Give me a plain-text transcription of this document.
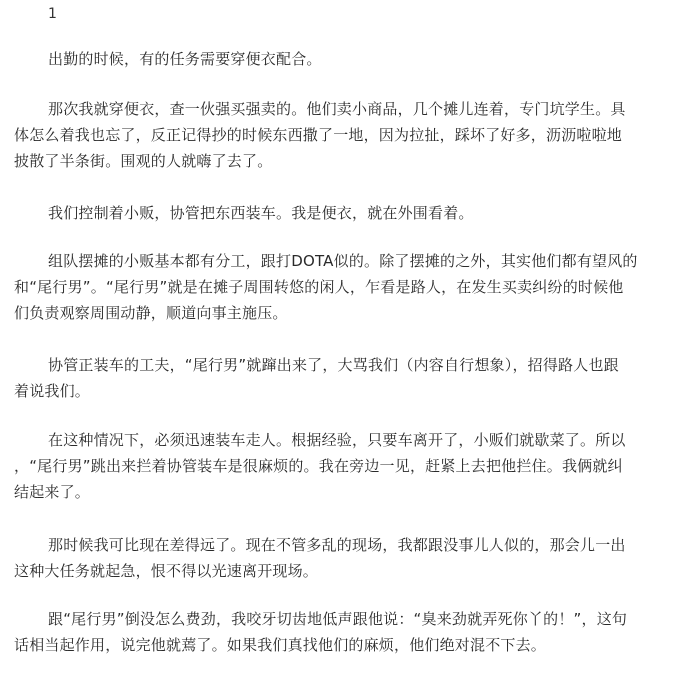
1

出勤的时候，有的任务需要穿便衣配合。

那次我就穿便衣，查一伙强买强卖的。他们卖小商品，几个摊儿连着，专门坑学生。具
体怎么着我也忘了，反正记得抄的时候东西撒了一地，因为拉扯，踩坏了好多，沥沥啦啦地
披散了半条街。围观的人就嗨了去了。

我们控制着小贩，协管把东西装车。我是便衣，就在外围看着。

组队摆摊的小贩基本都有分工，跟打DOTA似的。除了摆摊的之外，其实他们都有望风的
和“尾行男”。“尾行男”就是在摊子周围转悠的闲人，乍看是路人，在发生买卖纠纷的时候他
们负责观察周围动静，顺道向事主施压。

协管正装车的工夫，“尾行男”就蹿出来了，大骂我们（内容自行想象），招得路人也跟
着说我们。

在这种情况下，必须迅速装车走人。根据经验，只要车离开了，小贩们就歇菜了。所以
，“尾行男”跳出来拦着协管装车是很麻烦的。我在旁边一见，赶紧上去把他拦住。我俩就纠
结起来了。

那时候我可比现在差得远了。现在不管多乱的现场，我都跟没事儿人似的，那会儿一出
这种大任务就起急，恨不得以光速离开现场。

跟“尾行男”倒没怎么费劲，我咬牙切齿地低声跟他说：“臭来劲就弄死你丫的！”，这句
话相当起作用，说完他就蔫了。如果我们真找他们的麻烦，他们绝对混不下去。
